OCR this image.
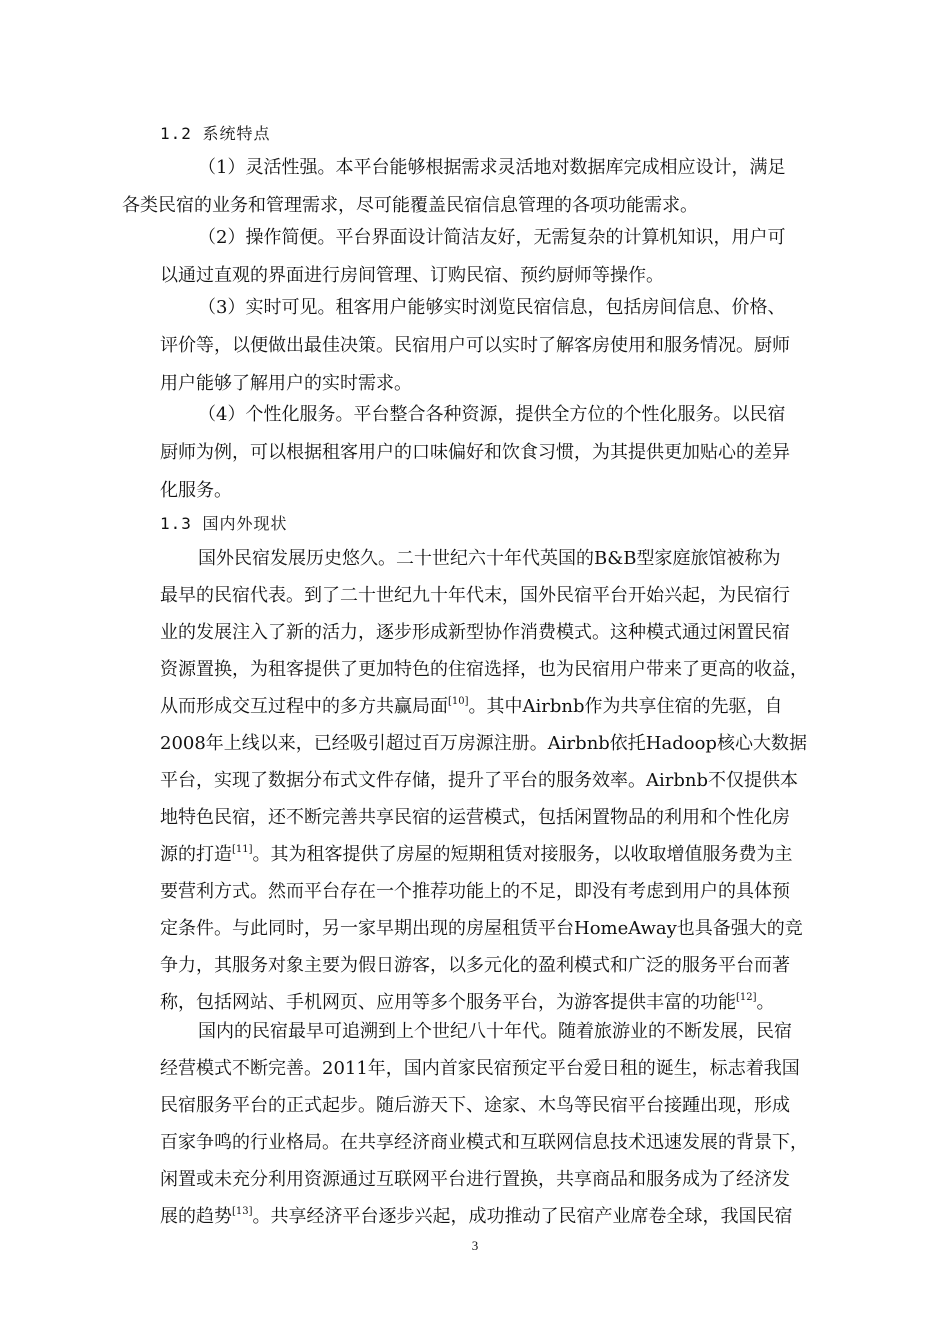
1.2 系统特点
（1）灵活性强。本平台能够根据需求灵活地对数据库完成相应设计，满足
各类民宿的业务和管理需求，尽可能覆盖民宿信息管理的各项功能需求。
（2）操作简便。平台界面设计简洁友好，无需复杂的计算机知识，用户可
以通过直观的界面进行房间管理、订购民宿、预约厨师等操作。
（3）实时可见。租客用户能够实时浏览民宿信息，包括房间信息、价格、
评价等，以便做出最佳决策。民宿用户可以实时了解客房使用和服务情况。厨师
用户能够了解用户的实时需求。
（4）个性化服务。平台整合各种资源，提供全方位的个性化服务。以民宿
厨师为例，可以根据租客用户的口味偏好和饮食习惯，为其提供更加贴心的差异
化服务。
1.3 国内外现状
国外民宿发展历史悠久。二十世纪六十年代英国的B&B型家庭旅馆被称为
最早的民宿代表。到了二十世纪九十年代末，国外民宿平台开始兴起，为民宿行
业的发展注入了新的活力，逐步形成新型协作消费模式。这种模式通过闲置民宿
资源置换，为租客提供了更加特色的住宿选择，也为民宿用户带来了更高的收益，
从而形成交互过程中的多方共赢局面[10]。其中Airbnb作为共享住宿的先驱，自
2008年上线以来，已经吸引超过百万房源注册。Airbnb依托Hadoop核心大数据
平台，实现了数据分布式文件存储，提升了平台的服务效率。Airbnb不仅提供本
地特色民宿，还不断完善共享民宿的运营模式，包括闲置物品的利用和个性化房
源的打造[11]。其为租客提供了房屋的短期租赁对接服务，以收取增值服务费为主
要营利方式。然而平台存在一个推荐功能上的不足，即没有考虑到用户的具体预
定条件。与此同时，另一家早期出现的房屋租赁平台HomeAway也具备强大的竞
争力，其服务对象主要为假日游客，以多元化的盈利模式和广泛的服务平台而著
称，包括网站、手机网页、应用等多个服务平台，为游客提供丰富的功能[12]。
国内的民宿最早可追溯到上个世纪八十年代。随着旅游业的不断发展，民宿
经营模式不断完善。2011年，国内首家民宿预定平台爱日租的诞生，标志着我国
民宿服务平台的正式起步。随后游天下、途家、木鸟等民宿平台接踵出现，形成
百家争鸣的行业格局。在共享经济商业模式和互联网信息技术迅速发展的背景下，
闲置或未充分利用资源通过互联网平台进行置换，共享商品和服务成为了经济发
展的趋势[13]。共享经济平台逐步兴起，成功推动了民宿产业席卷全球，我国民宿
3
